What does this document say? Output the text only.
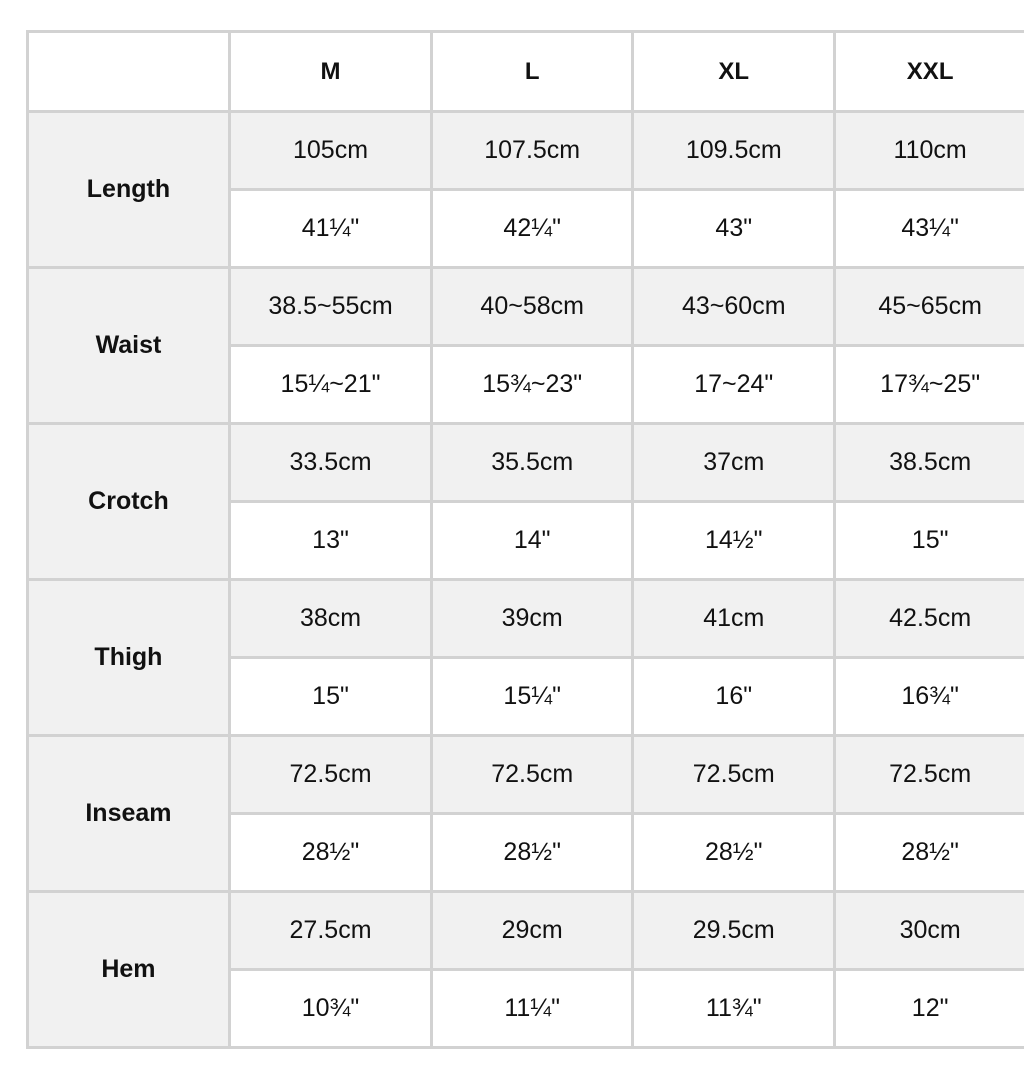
	M	L	XL	XXL
Length	105cm	107.5cm	109.5cm	110cm
	41¼"	42¼"	43"	43¼"
Waist	38.5~55cm	40~58cm	43~60cm	45~65cm
	15¼~21"	15¾~23"	17~24"	17¾~25"
Crotch	33.5cm	35.5cm	37cm	38.5cm
	13"	14"	14½"	15"
Thigh	38cm	39cm	41cm	42.5cm
	15"	15¼"	16"	16¾"
Inseam	72.5cm	72.5cm	72.5cm	72.5cm
	28½"	28½"	28½"	28½"
Hem	27.5cm	29cm	29.5cm	30cm
	10¾"	11¼"	11¾"	12"
